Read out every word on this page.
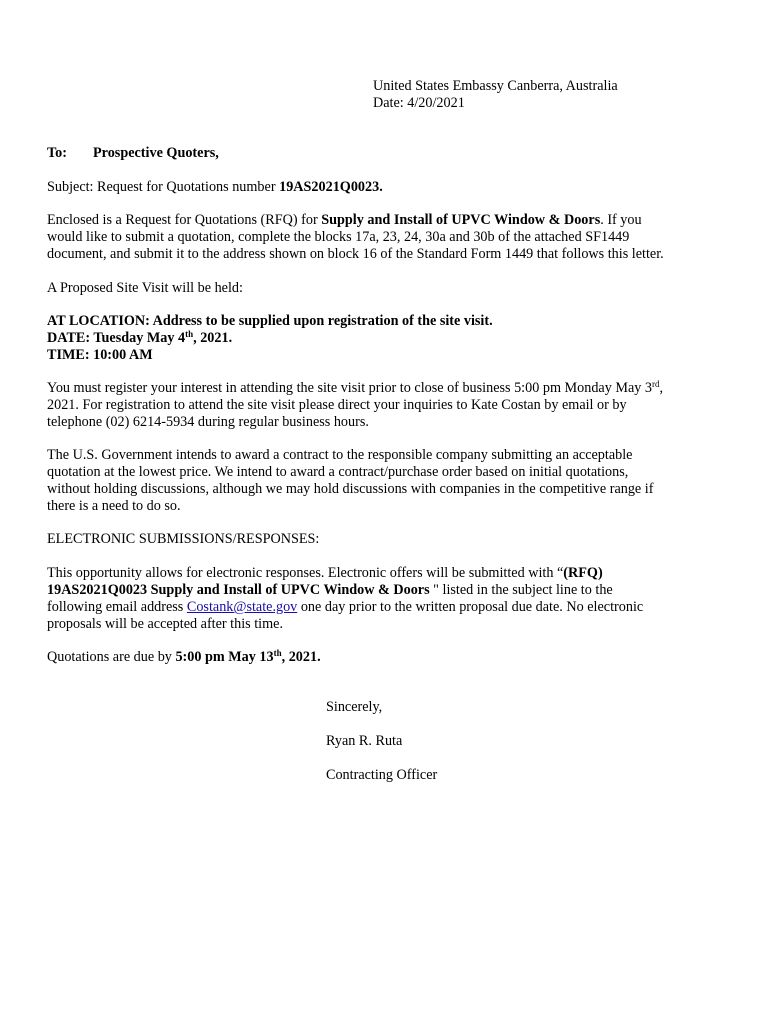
United States Embassy Canberra, Australia
Date: 4/20/2021
To: Prospective Quoters,
Subject: Request for Quotations number 19AS2021Q0023.
Enclosed is a Request for Quotations (RFQ) for Supply and Install of UPVC Window & Doors. If you
would like to submit a quotation, complete the blocks 17a, 23, 24, 30a and 30b of the attached SF1449
document, and submit it to the address shown on block 16 of the Standard Form 1449 that follows this letter.
A Proposed Site Visit will be held:
AT LOCATION: Address to be supplied upon registration of the site visit.
DATE: Tuesday May 4th, 2021.
TIME: 10:00 AM
You must register your interest in attending the site visit prior to close of business 5:00 pm Monday May 3rd,
2021. For registration to attend the site visit please direct your inquiries to Kate Costan by email or by
telephone (02) 6214-5934 during regular business hours.
The U.S. Government intends to award a contract to the responsible company submitting an acceptable
quotation at the lowest price. We intend to award a contract/purchase order based on initial quotations,
without holding discussions, although we may hold discussions with companies in the competitive range if
there is a need to do so.
ELECTRONIC SUBMISSIONS/RESPONSES:
This opportunity allows for electronic responses. Electronic offers will be submitted with “(RFQ)
19AS2021Q0023 Supply and Install of UPVC Window & Doors " listed in the subject line to the
following email address Costank@state.gov one day prior to the written proposal due date. No electronic
proposals will be accepted after this time.
Quotations are due by 5:00 pm May 13th, 2021.
Sincerely,
Ryan R. Ruta
Contracting Officer
